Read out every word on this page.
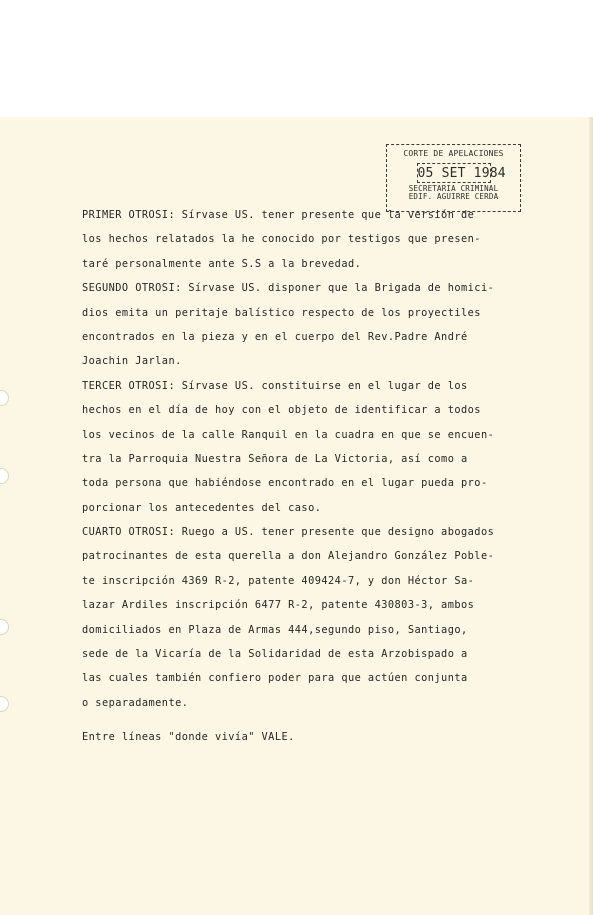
CORTE DE APELACIONES
05 SET 1984
SECRETARIA CRIMINAL
EDIF. AGUIRRE CERDA
PRIMER OTROSI: Sírvase US. tener presente que la versión de
los hechos relatados la he conocido por testigos que presen-
taré personalmente ante S.S a la brevedad.
SEGUNDO OTROSI: Sírvase US. disponer que la Brigada de homici-
dios emita un peritaje balístico respecto de los proyectiles
encontrados en la pieza y en el cuerpo del Rev.Padre André
Joachin Jarlan.
TERCER OTROSI: Sírvase US. constituirse en el lugar de los
hechos en el día de hoy con el objeto de identificar a todos
los vecinos de la calle Ranquil en la cuadra en que se encuen-
tra la Parroquia Nuestra Señora de La Victoria, así como a
toda persona que habiéndose encontrado en el lugar pueda pro-
porcionar los antecedentes del caso.
CUARTO OTROSI: Ruego a US. tener presente que designo abogados
patrocinantes de esta querella a don Alejandro González Poble-
te inscripción 4369 R-2, patente 409424-7, y don Héctor Sa-
lazar Ardiles inscripción 6477 R-2, patente 430803-3, ambos
domiciliados en Plaza de Armas 444,segundo piso, Santiago,
sede de la Vicaría de la Solidaridad de esta Arzobispado a
las cuales también confiero poder para que actúen conjunta
o separadamente.
Entre líneas "donde vivía" VALE.
